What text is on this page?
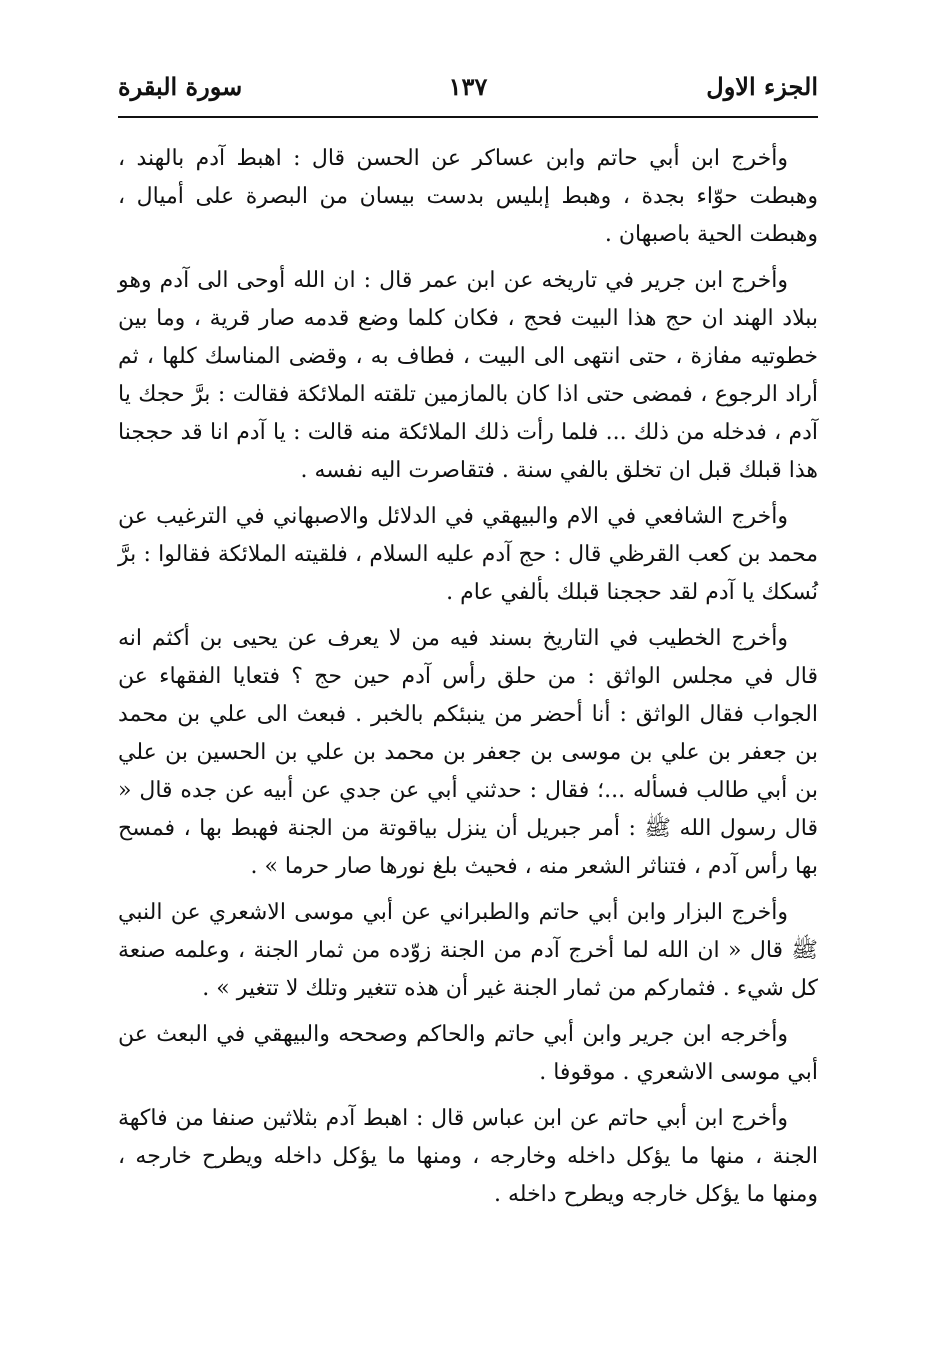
الجزء الاول
١٣٧
سورة البقرة

وأخرج ابن أبي حاتم وابن عساكر عن الحسن قال : اهبط آدم بالهند ، وهبطت حوّاء بجدة ، وهبط إبليس بدست بيسان من البصرة على أميال ، وهبطت الحية باصبهان .

وأخرج ابن جرير في تاريخه عن ابن عمر قال : ان الله أوحى الى آدم وهو ببلاد الهند ان حج هذا البيت فحج ، فكان كلما وضع قدمه صار قرية ، وما بين خطوتيه مفازة ، حتى انتهى الى البيت ، فطاف به ، وقضى المناسك كلها ، ثم أراد الرجوع ، فمضى حتى اذا كان بالمازمين تلقته الملائكة فقالت : برَّ حجك يا آدم ، فدخله من ذلك ... فلما رأت ذلك الملائكة منه قالت : يا آدم انا قد حججنا هذا قبلك قبل ان تخلق بالفي سنة . فتقاصرت اليه نفسه .

وأخرج الشافعي في الام والبيهقي في الدلائل والاصبهاني في الترغيب عن محمد بن كعب القرظي قال : حج آدم عليه السلام ، فلقيته الملائكة فقالوا : برَّ نُسكك يا آدم لقد حججنا قبلك بألفي عام .

وأخرج الخطيب في التاريخ بسند فيه من لا يعرف عن يحيى بن أكثم انه قال في مجلس الواثق : من حلق رأس آدم حين حج ؟ فتعايا الفقهاء عن الجواب فقال الواثق : أنا أحضر من ينبئكم بالخبر . فبعث الى علي بن محمد بن جعفر بن علي بن موسى بن جعفر بن محمد بن علي بن الحسين بن علي بن أبي طالب فسأله ...؛ فقال : حدثني أبي عن جدي عن أبيه عن جده قال « قال رسول الله ﷺ : أمر جبريل أن ينزل بياقوتة من الجنة فهبط بها ، فمسح بها رأس آدم ، فتناثر الشعر منه ، فحيث بلغ نورها صار حرما » .

وأخرج البزار وابن أبي حاتم والطبراني عن أبي موسى الاشعري عن النبي ﷺ قال « ان الله لما أخرج آدم من الجنة زوّده من ثمار الجنة ، وعلمه صنعة كل شيء . فثماركم من ثمار الجنة غير أن هذه تتغير وتلك لا تتغير » .

وأخرجه ابن جرير وابن أبي حاتم والحاكم وصححه والبيهقي في البعث عن أبي موسى الاشعري . موقوفا .

وأخرج ابن أبي حاتم عن ابن عباس قال : اهبط آدم بثلاثين صنفا من فاكهة الجنة ، منها ما يؤكل داخله وخارجه ، ومنها ما يؤكل داخله ويطرح خارجه ، ومنها ما يؤكل خارجه ويطرح داخله .
